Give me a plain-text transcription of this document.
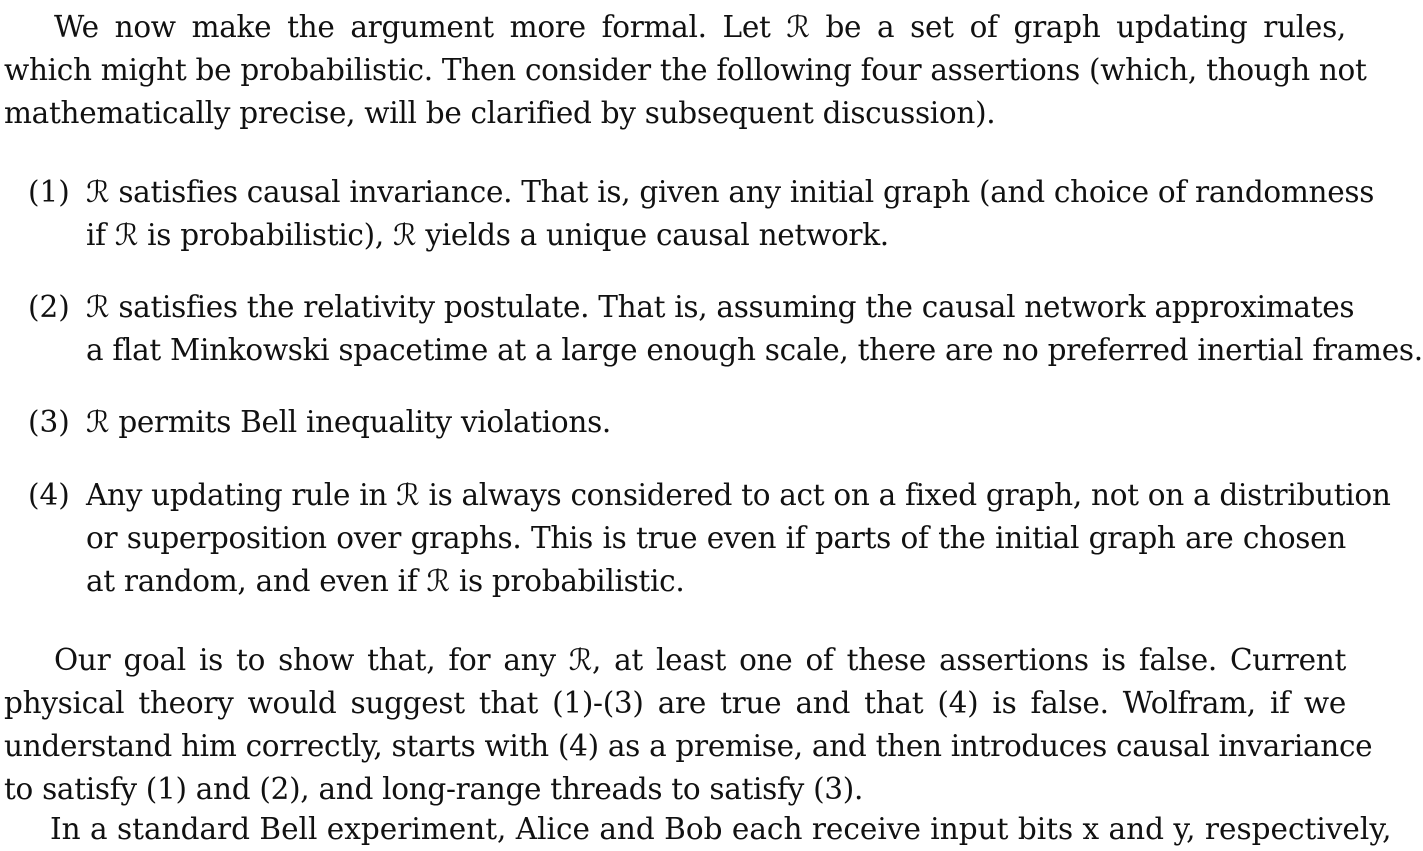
We now make the argument more formal. Let ℛ be a set of graph updating rules,
which might be probabilistic. Then consider the following four assertions (which, though not
mathematically precise, will be clarified by subsequent discussion).
(1) ℛ satisfies causal invariance. That is, given any initial graph (and choice of randomness
if ℛ is probabilistic), ℛ yields a unique causal network.
(2) ℛ satisfies the relativity postulate. That is, assuming the causal network approximates
a flat Minkowski spacetime at a large enough scale, there are no preferred inertial frames.
(3) ℛ permits Bell inequality violations.
(4) Any updating rule in ℛ is always considered to act on a fixed graph, not on a distribution
or superposition over graphs. This is true even if parts of the initial graph are chosen
at random, and even if ℛ is probabilistic.
Our goal is to show that, for any ℛ, at least one of these assertions is false. Current
physical theory would suggest that (1)-(3) are true and that (4) is false. Wolfram, if we
understand him correctly, starts with (4) as a premise, and then introduces causal invariance
to satisfy (1) and (2), and long-range threads to satisfy (3).
In a standard Bell experiment, Alice and Bob each receive input bits x and y, respectively,
